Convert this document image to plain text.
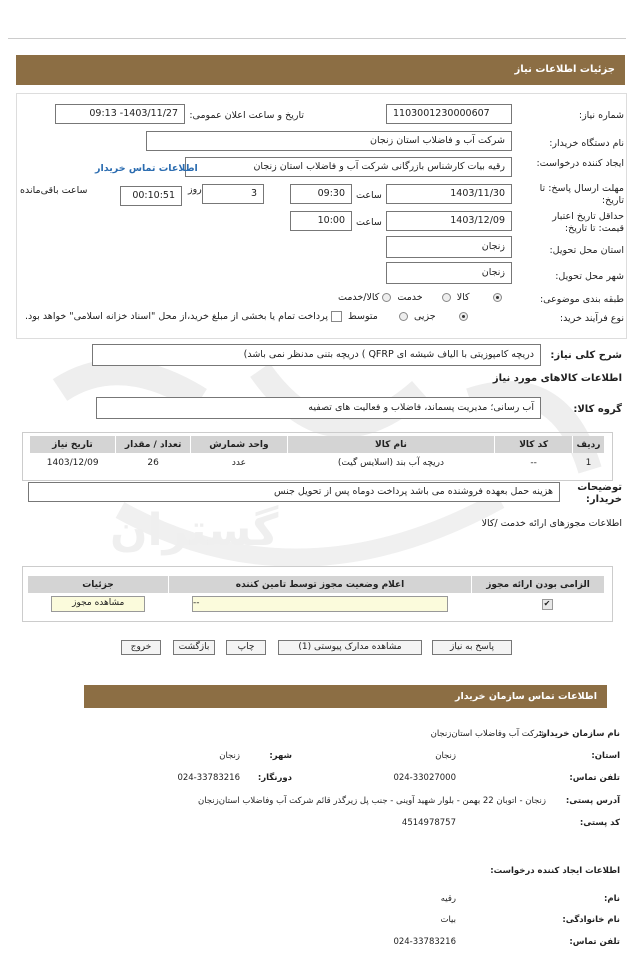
گستران
جزئیات اطلاعات نیاز
شماره نیاز:
1103001230000607
تاریخ و ساعت اعلان عمومی:
1403/11/27- 09:13
نام دستگاه خریدار:
شرکت آب و فاضلاب استان زنجان
ایجاد کننده درخواست:
رقیه بیات کارشناس بازرگانی شرکت آب و فاضلاب استان زنجان
اطلاعات تماس خریدار
مهلت ارسال پاسخ: تا تاریخ:
1403/11/30
ساعت
09:30
3
روز
00:10:51
ساعت باقی‌مانده
حداقل تاریخ اعتبار قیمت: تا تاریخ:
1403/12/09
ساعت
10:00
استان محل تحویل:
زنجان
شهر محل تحویل:
زنجان
طبقه بندی موضوعی:
کالا  خدمت  کالا/خدمت
نوع فرآیند خرید:
جزیی  متوسط  پرداخت تمام یا بخشی از مبلغ خرید،از محل "اسناد خزانه اسلامی" خواهد بود.
شرح کلی نیاز:
دریچه کامپوزیتی با الیاف شیشه ای QFRP ) دریچه بتنی مدنظر نمی باشد)
اطلاعات کالاهای مورد نیاز
گروه کالا:
آب رسانی؛ مدیریت پسماند، فاضلاب و فعالیت های تصفیه
ردیف	کد کالا	نام کالا	واحد شمارش	تعداد / مقدار	تاریخ نیاز
1	--	دریچه آب بند (اسلایس گیت)	عدد	26	1403/12/09
توضیحات خریدار:
هزینه حمل بعهده فروشنده می باشد پرداخت دوماه پس از تحویل جنس
اطلاعات مجوزهای ارائه خدمت /کالا
الزامی بودن ارائه مجوز	اعلام وضعیت مجوز توسط تامین کننده	جزئیات
✔	--	مشاهده مجوز
پاسخ به نیاز
مشاهده مدارک پیوستی (1)
چاپ
بازگشت
خروج
اطلاعات تماس سازمان خریدار
نام سازمان خریدار:
شرکت آب وفاضلاب استان‌زنجان
استان:
زنجان
شهر:
زنجان
تلفن تماس:
024-33027000
دورنگار:
024-33783216
آدرس پستی:
زنجان - اتوبان 22 بهمن - بلوار شهید آوینی - جنب پل زیرگذر قائم شرکت آب وفاضلاب استان‌زنجان
کد پستی:
4514978757
اطلاعات ایجاد کننده درخواست:
نام:
رقیه
نام خانوادگی:
بیات
تلفن تماس:
024-33783216
